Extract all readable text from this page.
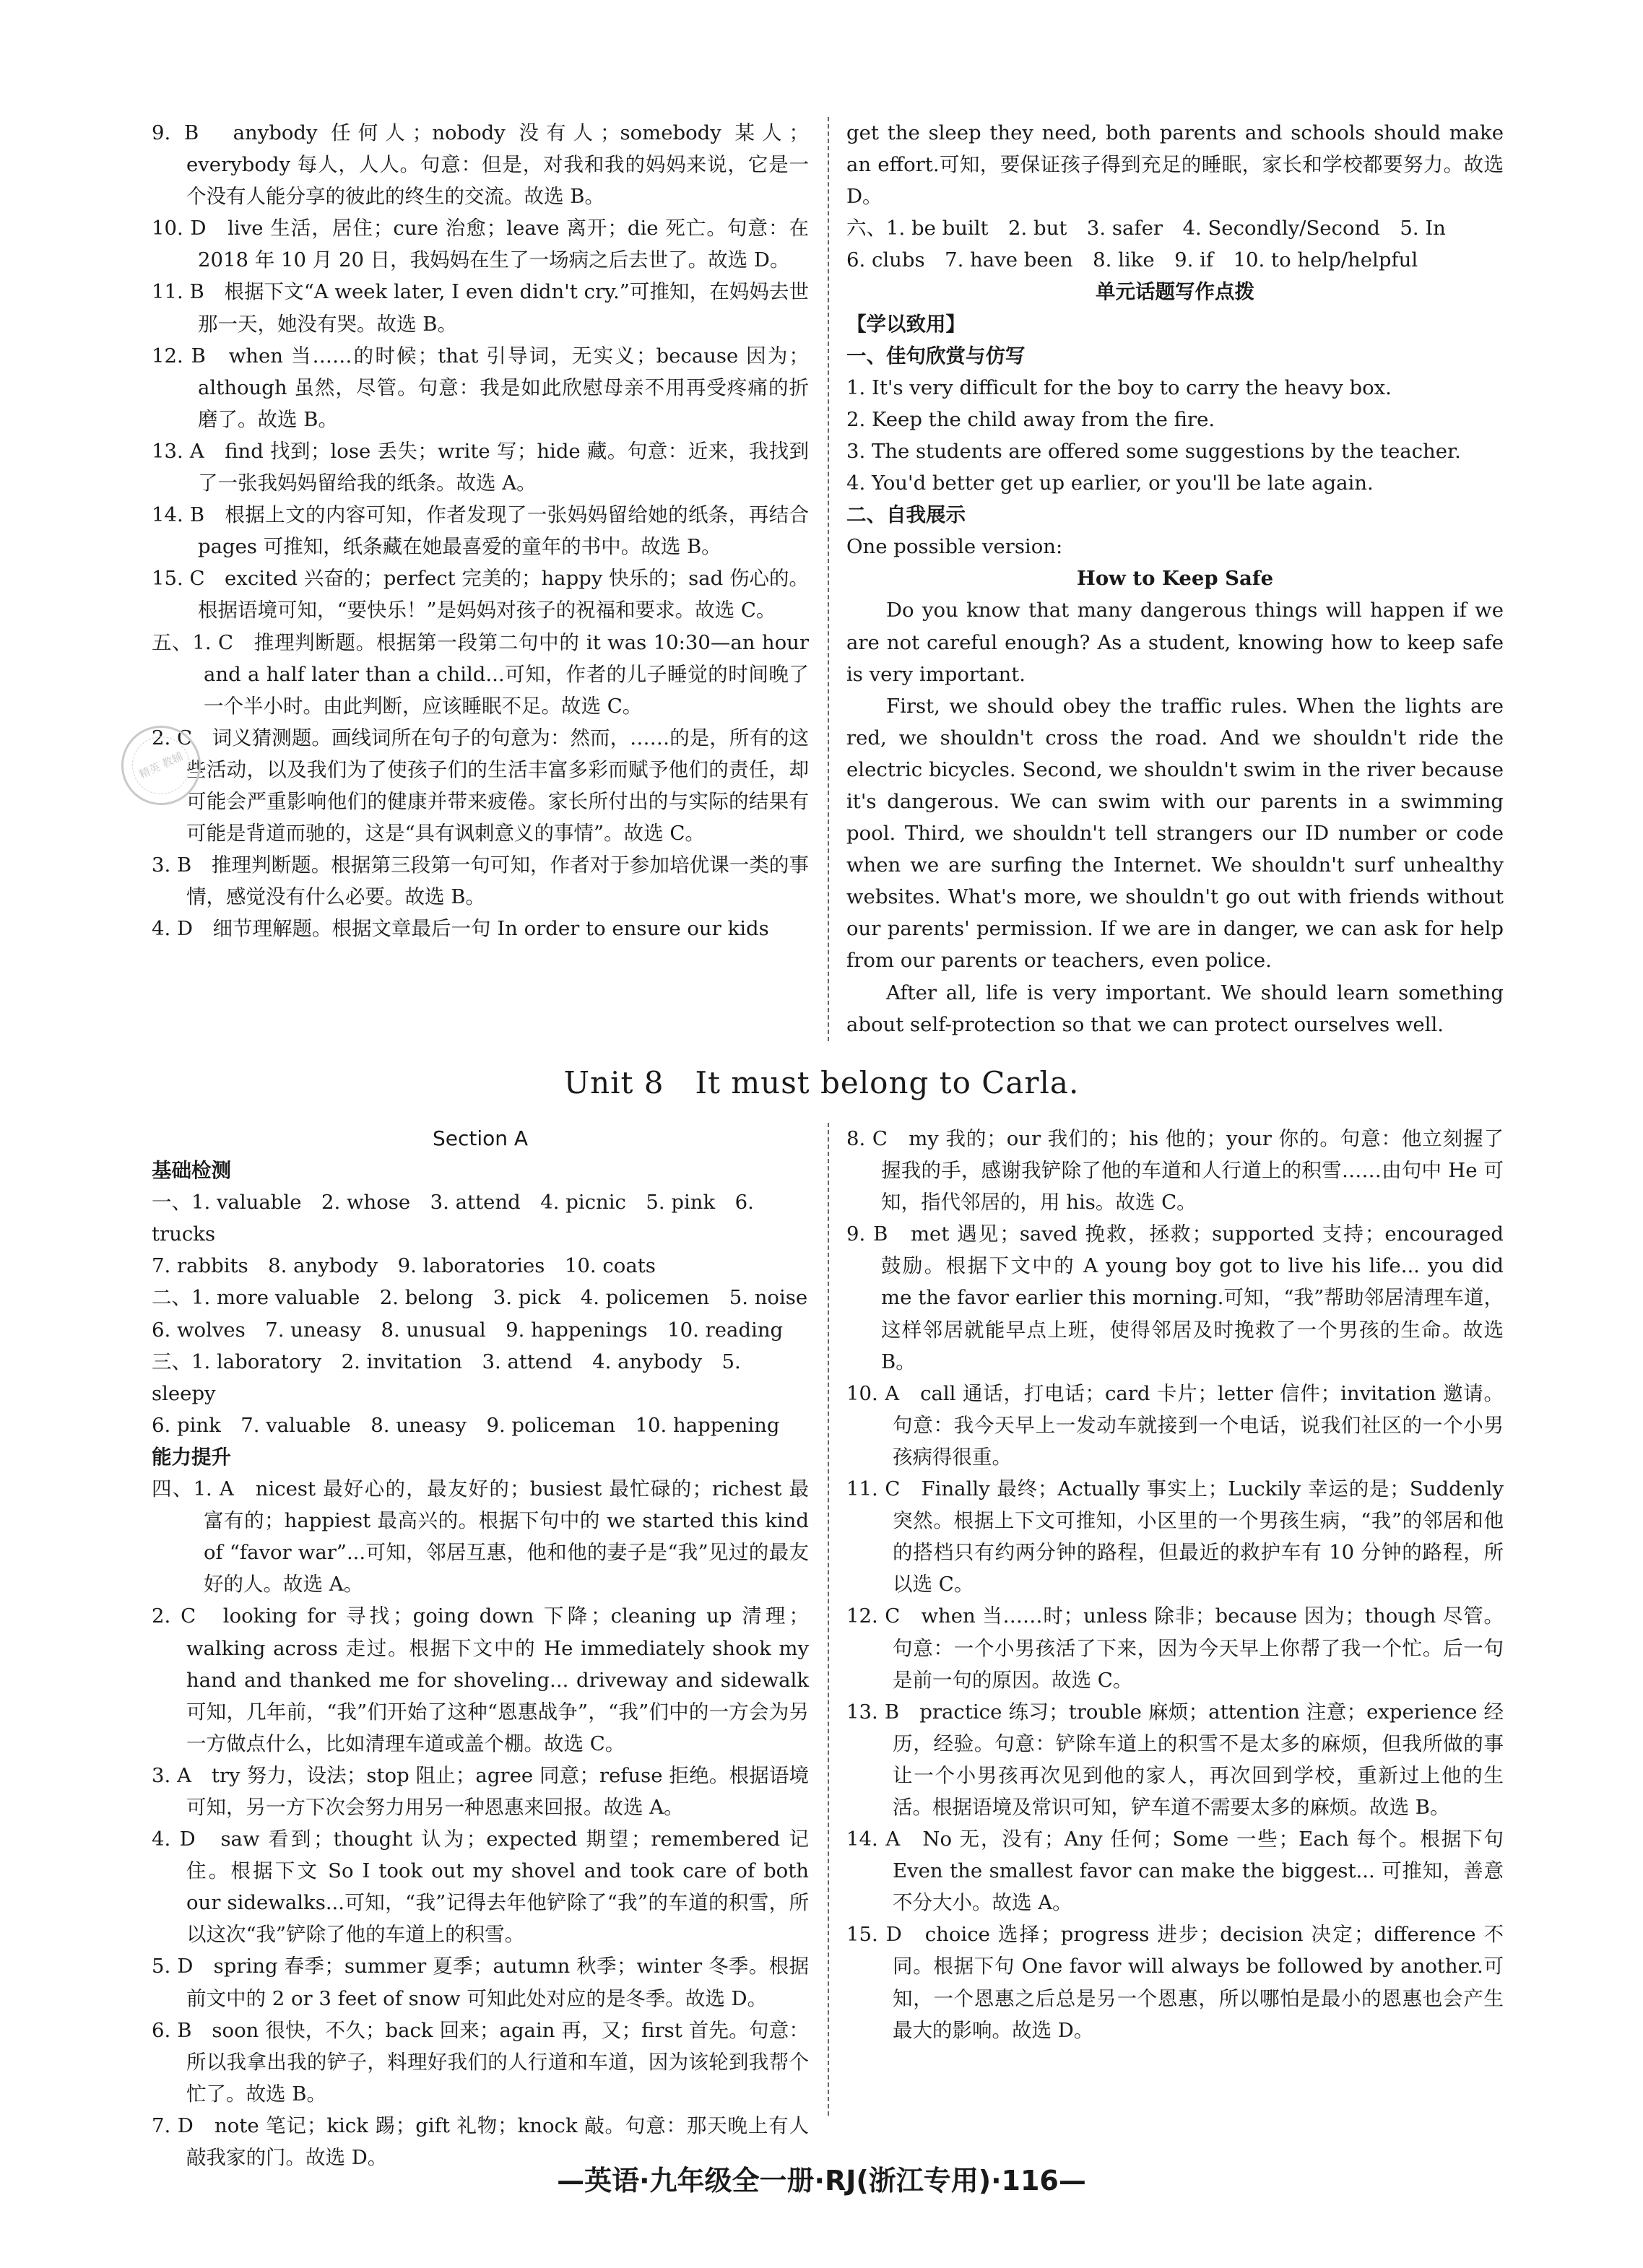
9. B　anybody 任何人；nobody 没有人；somebody 某人；everybody 每人，人人。句意：但是，对我和我的妈妈来说，它是一个没有人能分享的彼此的终生的交流。故选 B。

10. D　live 生活，居住；cure 治愈；leave 离开；die 死亡。句意：在 2018 年 10 月 20 日，我妈妈在生了一场病之后去世了。故选 D。

11. B　根据下文“A week later, I even didn't cry.”可推知，在妈妈去世那一天，她没有哭。故选 B。

12. B　when 当……的时候；that 引导词，无实义；because 因为；although 虽然，尽管。句意：我是如此欣慰母亲不用再受疼痛的折磨了。故选 B。

13. A　find 找到；lose 丢失；write 写；hide 藏。句意：近来，我找到了一张我妈妈留给我的纸条。故选 A。

14. B　根据上文的内容可知，作者发现了一张妈妈留给她的纸条，再结合 pages 可推知，纸条藏在她最喜爱的童年的书中。故选 B。

15. C　excited 兴奋的；perfect 完美的；happy 快乐的；sad 伤心的。根据语境可知，“要快乐！”是妈妈对孩子的祝福和要求。故选 C。

五、1. C　推理判断题。根据第一段第二句中的 it was 10:30—an hour and a half later than a child...可知，作者的儿子睡觉的时间晚了一个半小时。由此判断，应该睡眠不足。故选 C。

2. C　词义猜测题。画线词所在句子的句意为：然而，……的是，所有的这些活动，以及我们为了使孩子们的生活丰富多彩而赋予他们的责任，却可能会严重影响他们的健康并带来疲倦。家长所付出的与实际的结果有可能是背道而驰的，这是“具有讽刺意义的事情”。故选 C。

3. B　推理判断题。根据第三段第一句可知，作者对于参加培优课一类的事情，感觉没有什么必要。故选 B。

4. D　细节理解题。根据文章最后一句 In order to ensure our kids

精英 教辅

get the sleep they need, both parents and schools should make an effort.可知，要保证孩子得到充足的睡眠，家长和学校都要努力。故选 D。

六、1. be built　2. but　3. safer　4. Secondly/Second　5. In

6. clubs　7. have been　8. like　9. if　10. to help/helpful

单元话题写作点拨

【学以致用】

一、佳句欣赏与仿写

1. It's very difficult for the boy to carry the heavy box.

2. Keep the child away from the fire.

3. The students are offered some suggestions by the teacher.

4. You'd better get up earlier, or you'll be late again.

二、自我展示

One possible version:

How to Keep Safe

Do you know that many dangerous things will happen if we are not careful enough? As a student, knowing how to keep safe is very important.

First, we should obey the traffic rules. When the lights are red, we shouldn't cross the road. And we shouldn't ride the electric bicycles. Second, we shouldn't swim in the river because it's dangerous. We can swim with our parents in a swimming pool. Third, we shouldn't tell strangers our ID number or code when we are surfing the Internet. We shouldn't surf unhealthy websites. What's more, we shouldn't go out with friends without our parents' permission. If we are in danger, we can ask for help from our parents or teachers, even police.

After all, life is very important. We should learn something about self-protection so that we can protect ourselves well.

Unit 8　It must belong to Carla.

Section A

基础检测

一、1. valuable　2. whose　3. attend　4. picnic　5. pink　6. trucks

7. rabbits　8. anybody　9. laboratories　10. coats

二、1. more valuable　2. belong　3. pick　4. policemen　5. noise

6. wolves　7. uneasy　8. unusual　9. happenings　10. reading

三、1. laboratory　2. invitation　3. attend　4. anybody　5. sleepy

6. pink　7. valuable　8. uneasy　9. policeman　10. happening

能力提升

四、1. A　nicest 最好心的，最友好的；busiest 最忙碌的；richest 最富有的；happiest 最高兴的。根据下句中的 we started this kind of “favor war”...可知，邻居互惠，他和他的妻子是“我”见过的最友好的人。故选 A。

2. C　looking for 寻找；going down 下降；cleaning up 清理；walking across 走过。根据下文中的 He immediately shook my hand and thanked me for shoveling... driveway and sidewalk 可知，几年前，“我”们开始了这种“恩惠战争”，“我”们中的一方会为另一方做点什么，比如清理车道或盖个棚。故选 C。

3. A　try 努力，设法；stop 阻止；agree 同意；refuse 拒绝。根据语境可知，另一方下次会努力用另一种恩惠来回报。故选 A。

4. D　saw 看到；thought 认为；expected 期望；remembered 记住。根据下文 So I took out my shovel and took care of both our sidewalks...可知，“我”记得去年他铲除了“我”的车道的积雪，所以这次“我”铲除了他的车道上的积雪。

5. D　spring 春季；summer 夏季；autumn 秋季；winter 冬季。根据前文中的 2 or 3 feet of snow 可知此处对应的是冬季。故选 D。

6. B　soon 很快，不久；back 回来；again 再，又；first 首先。句意：所以我拿出我的铲子，料理好我们的人行道和车道，因为该轮到我帮个忙了。故选 B。

7. D　note 笔记；kick 踢；gift 礼物；knock 敲。句意：那天晚上有人敲我家的门。故选 D。

8. C　my 我的；our 我们的；his 他的；your 你的。句意：他立刻握了握我的手，感谢我铲除了他的车道和人行道上的积雪……由句中 He 可知，指代邻居的，用 his。故选 C。

9. B　met 遇见；saved 挽救，拯救；supported 支持；encouraged 鼓励。根据下文中的 A young boy got to live his life... you did me the favor earlier this morning.可知，“我”帮助邻居清理车道，这样邻居就能早点上班，使得邻居及时挽救了一个男孩的生命。故选 B。

10. A　call 通话，打电话；card 卡片；letter 信件；invitation 邀请。句意：我今天早上一发动车就接到一个电话，说我们社区的一个小男孩病得很重。

11. C　Finally 最终；Actually 事实上；Luckily 幸运的是；Suddenly 突然。根据上下文可推知，小区里的一个男孩生病，“我”的邻居和他的搭档只有约两分钟的路程，但最近的救护车有 10 分钟的路程，所以选 C。

12. C　when 当……时；unless 除非；because 因为；though 尽管。句意：一个小男孩活了下来，因为今天早上你帮了我一个忙。后一句是前一句的原因。故选 C。

13. B　practice 练习；trouble 麻烦；attention 注意；experience 经历，经验。句意：铲除车道上的积雪不是太多的麻烦，但我所做的事让一个小男孩再次见到他的家人，再次回到学校，重新过上他的生活。根据语境及常识可知，铲车道不需要太多的麻烦。故选 B。

14. A　No 无，没有；Any 任何；Some 一些；Each 每个。根据下句 Even the smallest favor can make the biggest... 可推知，善意不分大小。故选 A。

15. D　choice 选择；progress 进步；decision 决定；difference 不同。根据下句 One favor will always be followed by another.可知，一个恩惠之后总是另一个恩惠，所以哪怕是最小的恩惠也会产生最大的影响。故选 D。

—英语·九年级全一册·RJ(浙江专用)·116—
